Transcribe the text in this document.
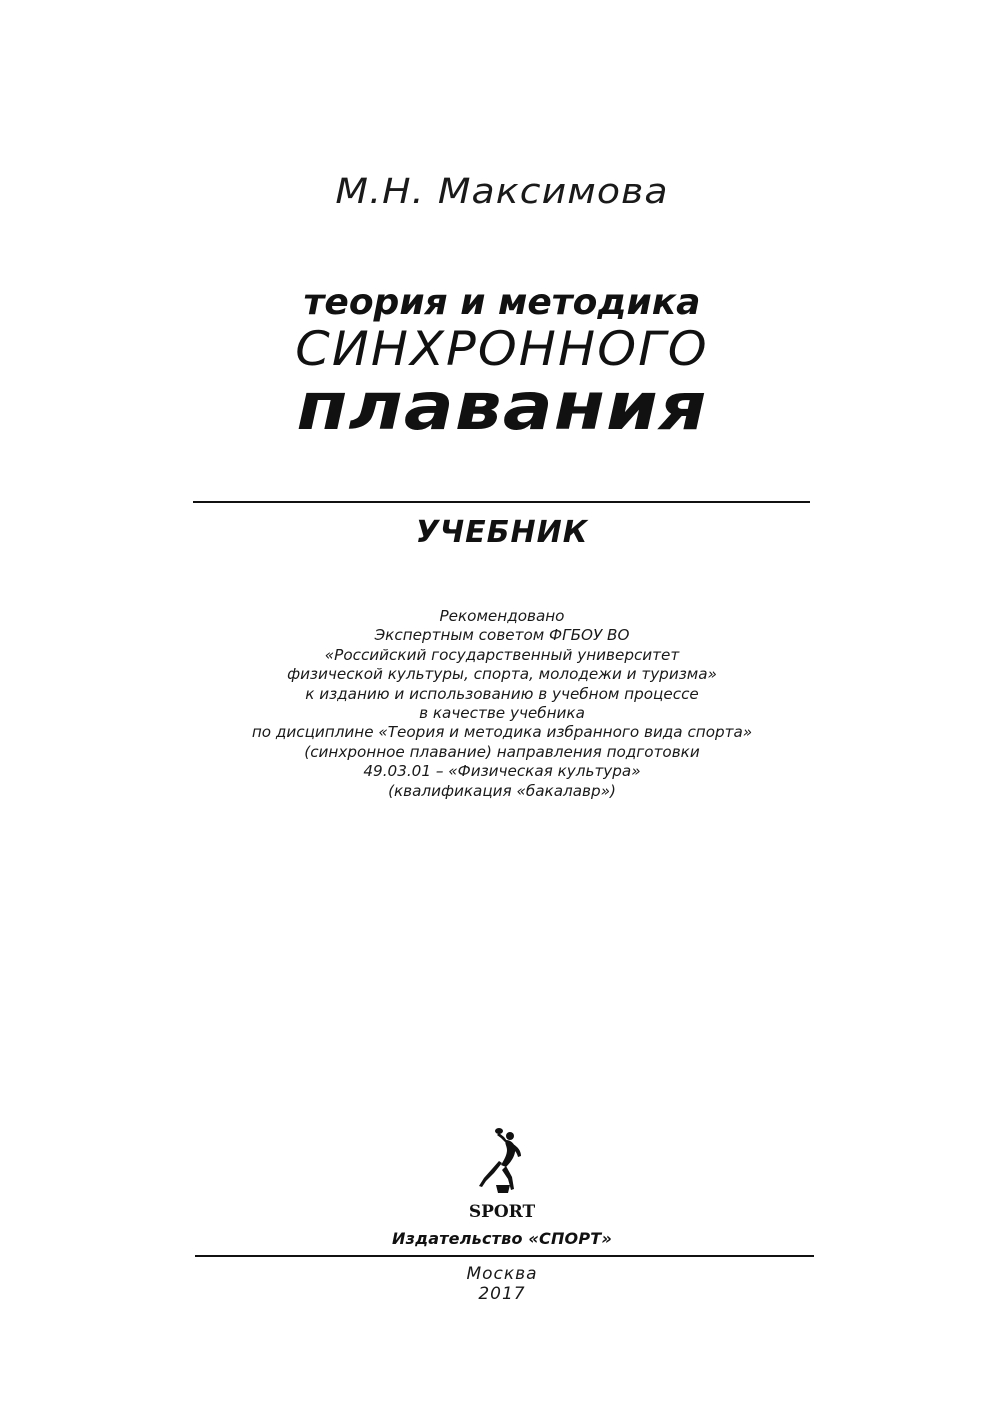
М.Н. Максимова
теория и методика
СИНХРОННОГО
плавания
УЧЕБНИК
Рекомендовано
Экспертным советом ФГБОУ ВО
«Российский государственный университет
физической культуры, спорта, молодежи и туризма»
к изданию и использованию в учебном процессе
в качестве учебника
по дисциплине «Теория и методика избранного вида спорта»
(синхронное плавание) направления подготовки
49.03.01 – «Физическая культура»
(квалификация «бакалавр»)
SPORT
Издательство «СПОРТ»
Москва
2017
